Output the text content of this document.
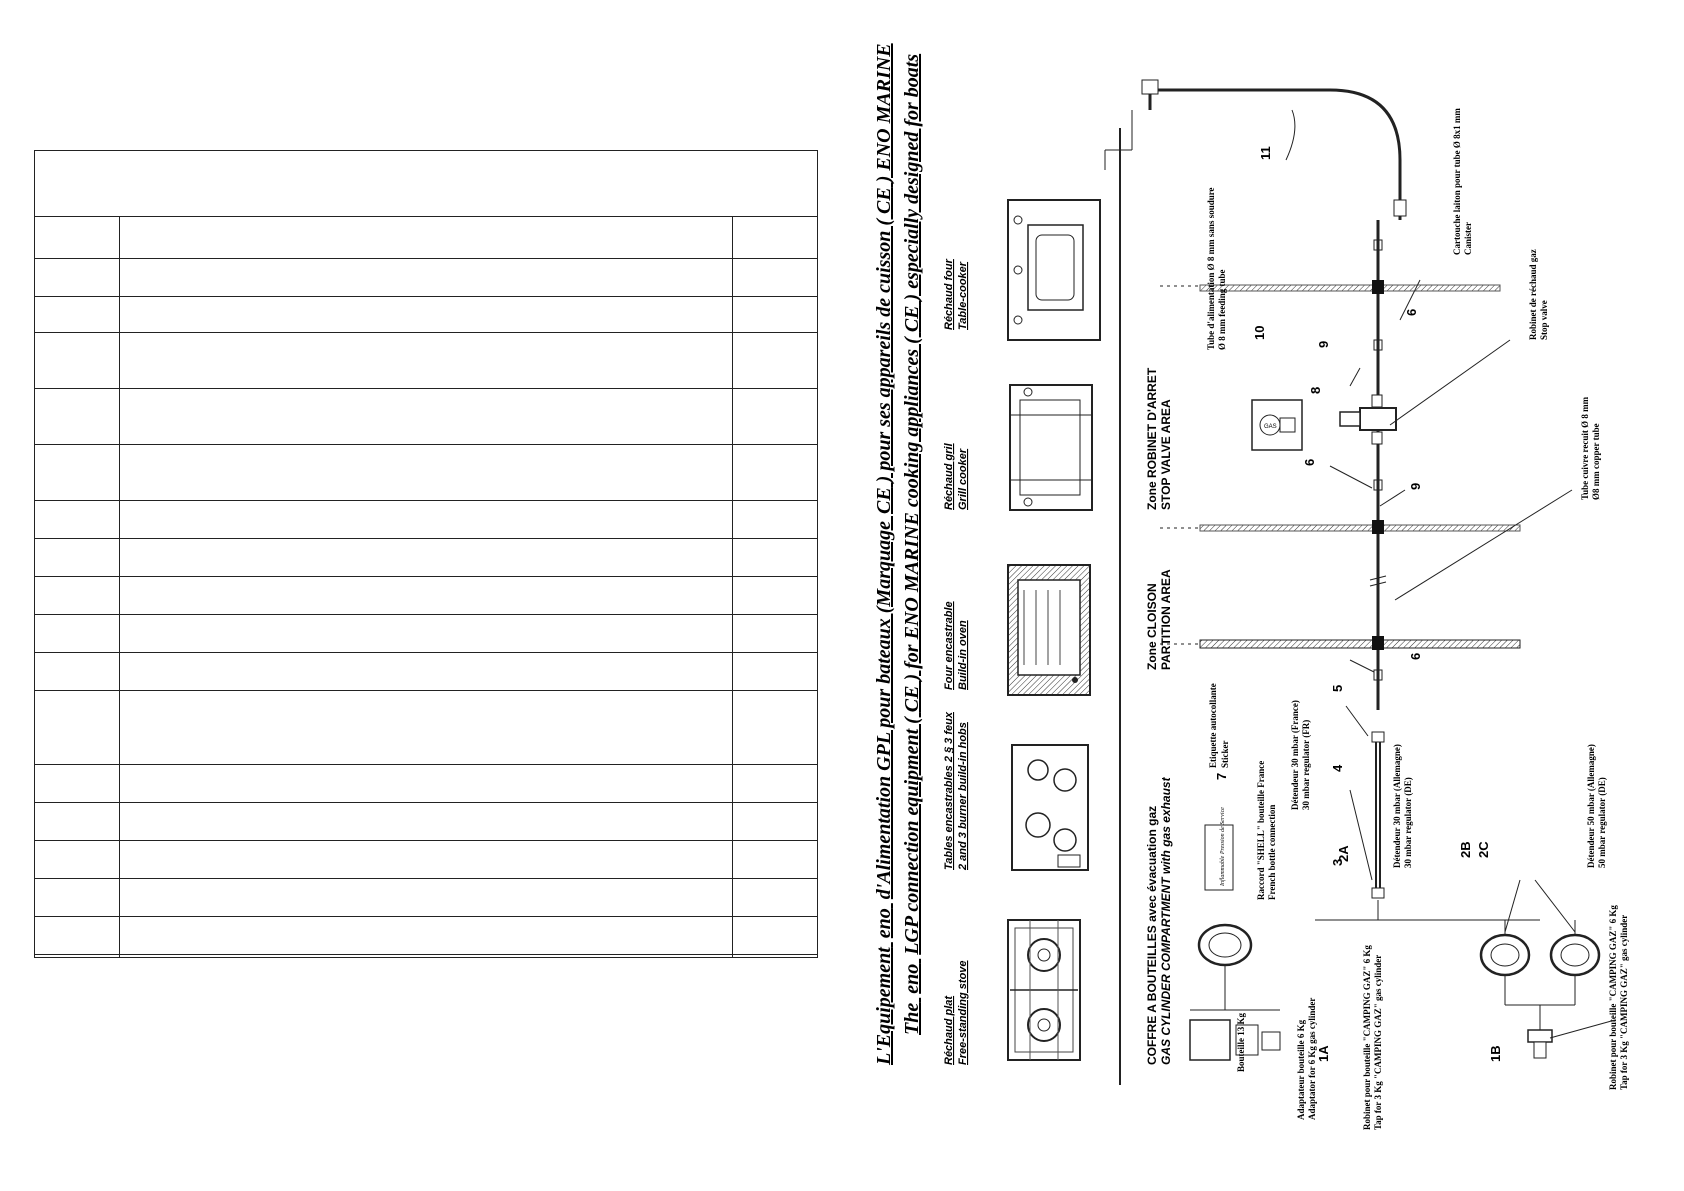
L'Equipement eno d'Alimentation GPL pour bateaux (Marquage CE ) pour ses appareils de cuisson ( CE ) ENO MARINE
The eno LGP connection equipment ( CE ) for ENO MARINE cooking appliances ( CE ) especially designed for boats
Réchaud plat Free-standing stove
Tables encastrables 2 § 3 feux 2 and 3 burner build-in hobs
Four encastrable Build-in oven
Réchaud gril Grill cooker
Réchaud four Table-cooker
COFFRE A BOUTEILLES avec évacuation gaz GAS CYLINDER COMPARTMENT with gas exhaust
Zone CLOISON PARTITION AREA
Zone ROBINET D'ARRET STOP VALVE AREA	GAS
Inflammable Pression de Service
1A	1B
2A	2B 2C
3
4
5
6
6
6
7
8
9
9
10
11
Etiquette autocollante Sticker
Bouteille 13 Kg
Raccord "SHELL" bouteille France French bottle connection
Détendeur 30 mbar (France) 30 mbar regulator (FR)	Détendeur 30 mbar (Allemagne) 30 mbar regulator (DE)	Détendeur 50 mbar (Allemagne) 50 mbar regulator (DE)
Adaptateur bouteille 6 Kg Adaptator for 6 Kg gas cylinder	Robinet pour bouteille "CAMPING GAZ" 6 Kg Tap for 3 Kg "CAMPING GAZ" gas cylinder	Robinet pour bouteille "CAMPING GAZ" 6 Kg Tap for 3 Kg "CAMPING GAZ" gas cylinder
Tube d'alimentation Ø 8 mm sans soudure Ø 8 mm feeding tube
Tube cuivre recuit Ø 8 mm Ø8 mm copper tube
Robinet de réchaud gaz Stop valve
Cartouche laiton pour tube Ø 8x1 mm Canister
